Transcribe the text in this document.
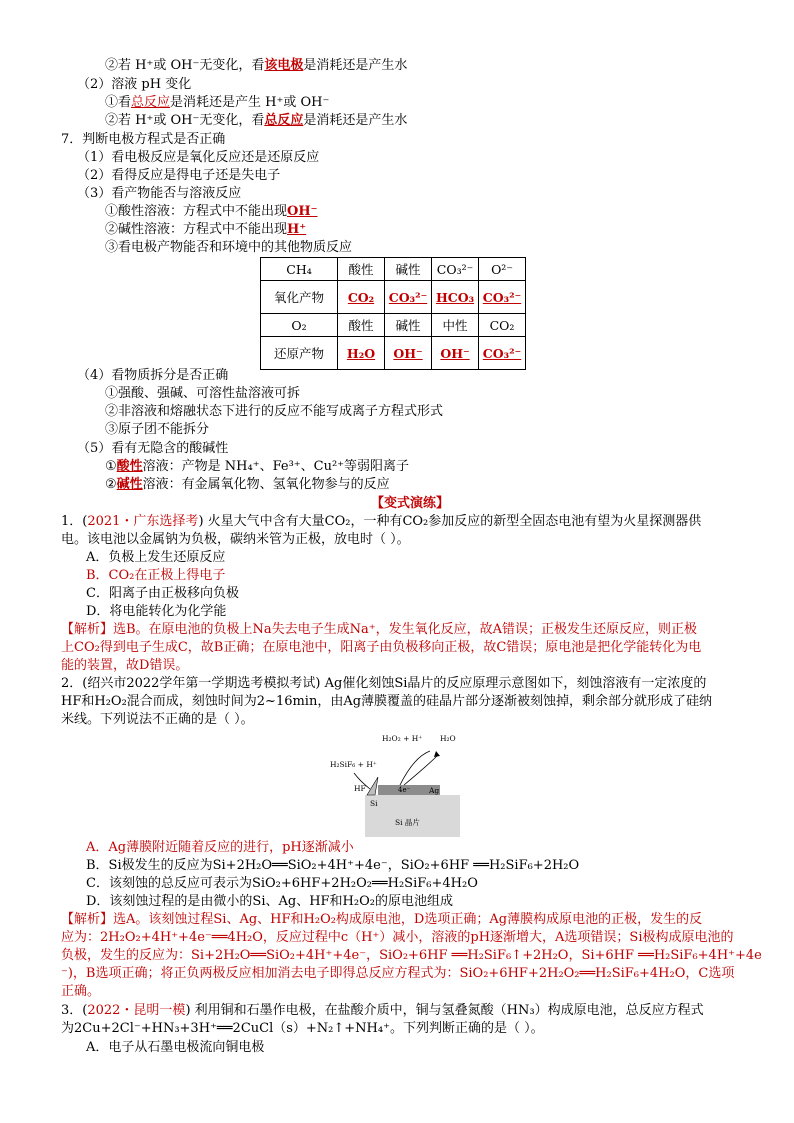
②若 H⁺或 OH⁻无变化，看该电极是消耗还是产生水
（2）溶液 pH 变化
①看总反应是消耗还是产生 H⁺或 OH⁻
②若 H⁺或 OH⁻无变化，看总反应是消耗还是产生水
7．判断电极方程式是否正确
（1）看电极反应是氧化反应还是还原反应
（2）看得反应是得电子还是失电子
（3）看产物能否与溶液反应
①酸性溶液：方程式中不能出现OH⁻
②碱性溶液：方程式中不能出现H⁺
③看电极产物能否和环境中的其他物质反应
CH₄	酸性	碱性	CO₃²⁻	O²⁻
氧化产物	CO₂	CO₃²⁻	HCO₃	CO₃²⁻
O₂	酸性	碱性	中性	CO₂
还原产物	H₂O	OH⁻	OH⁻	CO₃²⁻
（4）看物质拆分是否正确
①强酸、强碱、可溶性盐溶液可拆
②非溶液和熔融状态下进行的反应不能写成离子方程式形式
③原子团不能拆分
（5）看有无隐含的酸碱性
①酸性溶液：产物是 NH₄⁺、Fe³⁺、Cu²⁺等弱阳离子
②碱性溶液：有金属氧化物、氢氧化物参与的反应
【变式演练】
1．(2021・广东选择考) 火星大气中含有大量CO₂，一种有CO₂参加反应的新型全固态电池有望为火星探测器供
电。该电池以金属钠为负极，碳纳米管为正极，放电时（ ）。
A．负极上发生还原反应
B．CO₂在正极上得电子
C．阳离子由正极移向负极
D．将电能转化为化学能
【解析】选B。在原电池的负极上Na失去电子生成Na⁺，发生氧化反应，故A错误；正极发生还原反应，则正极
上CO₂得到电子生成C，故B正确；在原电池中，阳离子由负极移向正极，故C错误；原电池是把化学能转化为电
能的装置，故D错误。
2．(绍兴市2022学年第一学期选考模拟考试) Ag催化刻蚀Si晶片的反应原理示意图如下，刻蚀溶液有一定浓度的
HF和H₂O₂混合而成，刻蚀时间为2~16min，由Ag薄膜覆盖的硅晶片部分逐渐被刻蚀掉，剩余部分就形成了硅纳
米线。下列说法不正确的是（ ）。
H₂O₂ + H⁺ H₂O
H₂SiF₆ + H⁺
HF	4e⁻ Ag
Si
Si 晶片
A．Ag薄膜附近随着反应的进行，pH逐渐减小
B．Si极发生的反应为Si+2H₂O══SiO₂+4H⁺+4e⁻，SiO₂+6HF ══H₂SiF₆+2H₂O
C．该刻蚀的总反应可表示为SiO₂+6HF+2H₂O₂══H₂SiF₆+4H₂O
D．该刻蚀过程的是由微小的Si、Ag、HF和H₂O₂的原电池组成
【解析】选A。该刻蚀过程Si、Ag、HF和H₂O₂构成原电池，D选项正确；Ag薄膜构成原电池的正极，发生的反
应为：2H₂O₂+4H⁺+4e⁻══4H₂O，反应过程中c（H⁺）减小，溶液的pH逐渐增大，A选项错误；Si极构成原电池的
负极，发生的反应为：Si+2H₂O══SiO₂+4H⁺+4e⁻，SiO₂+6HF ══H₂SiF₆↑+2H₂O，Si+6HF ══H₂SiF₆+4H⁺+4e
⁻)，B选项正确；将正负两极反应相加消去电子即得总反应方程式为：SiO₂+6HF+2H₂O₂══H₂SiF₆+4H₂O，C选项
正确。
3．(2022・昆明一模) 利用铜和石墨作电极，在盐酸介质中，铜与氢叠氮酸（HN₃）构成原电池，总反应方程式
为2Cu+2Cl⁻+HN₃+3H⁺══2CuCl（s）+N₂↑+NH₄⁺。下列判断正确的是（ ）。
A．电子从石墨电极流向铜电极
